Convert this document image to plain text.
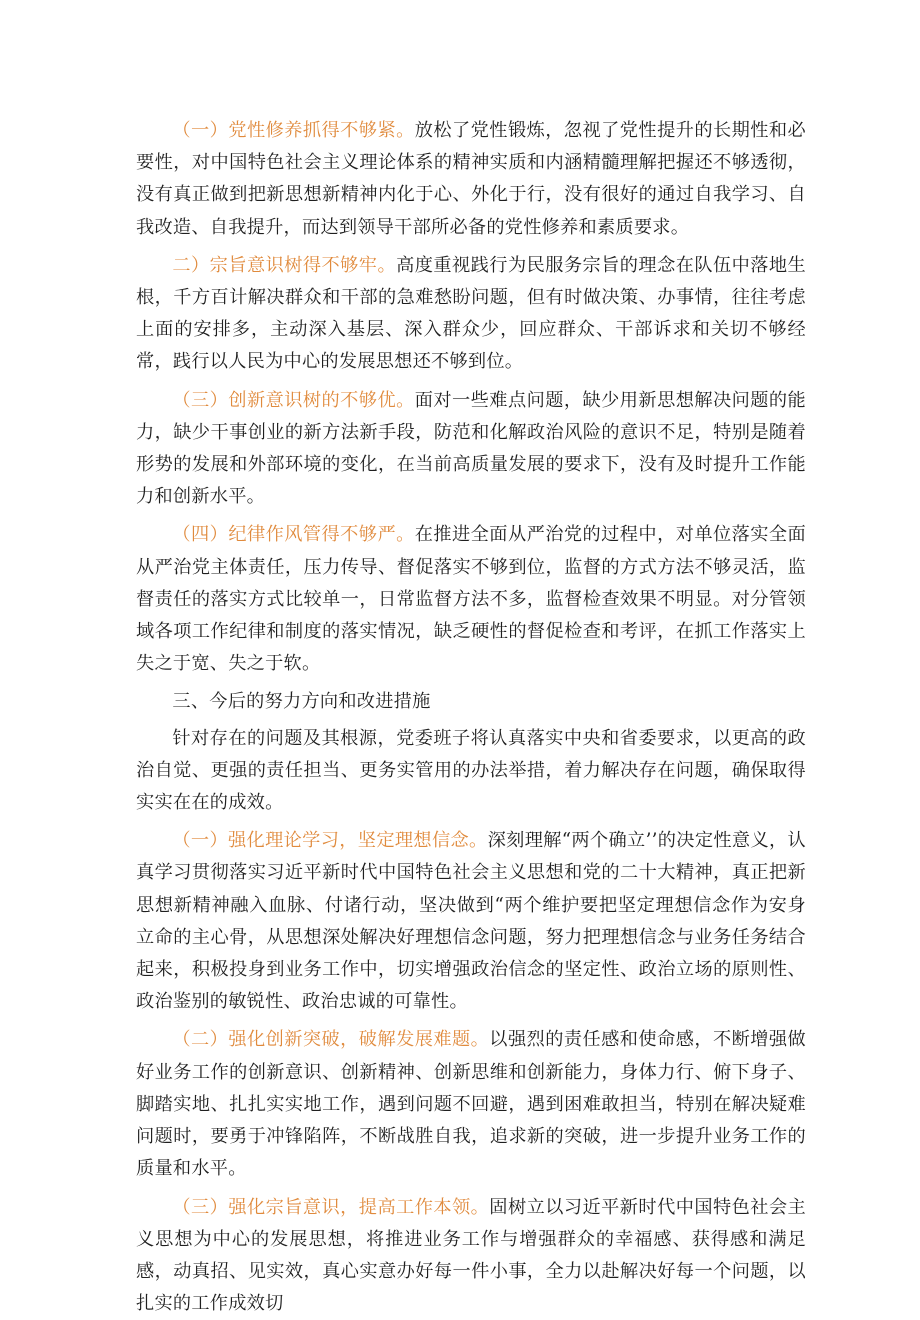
（一）党性修养抓得不够紧。放松了党性锻炼，忽视了党性提升的长期性和必要性，对中国特色社会主义理论体系的精神实质和内涵精髓理解把握还不够透彻，没有真正做到把新思想新精神内化于心、外化于行，没有很好的通过自我学习、自我改造、自我提升，而达到领导干部所必备的党性修养和素质要求。

二）宗旨意识树得不够牢。高度重视践行为民服务宗旨的理念在队伍中落地生根，千方百计解决群众和干部的急难愁盼问题，但有时做决策、办事情，往往考虑上面的安排多，主动深入基层、深入群众少，回应群众、干部诉求和关切不够经常，践行以人民为中心的发展思想还不够到位。

（三）创新意识树的不够优。面对一些难点问题，缺少用新思想解决问题的能力，缺少干事创业的新方法新手段，防范和化解政治风险的意识不足，特别是随着形势的发展和外部环境的变化，在当前高质量发展的要求下，没有及时提升工作能力和创新水平。

（四）纪律作风管得不够严。在推进全面从严治党的过程中，对单位落实全面从严治党主体责任，压力传导、督促落实不够到位，监督的方式方法不够灵活，监督责任的落实方式比较单一，日常监督方法不多，监督检查效果不明显。对分管领域各项工作纪律和制度的落实情况，缺乏硬性的督促检查和考评，在抓工作落实上失之于宽、失之于软。

三、今后的努力方向和改进措施

针对存在的问题及其根源，党委班子将认真落实中央和省委要求，以更高的政治自觉、更强的责任担当、更务实管用的办法举措，着力解决存在问题，确保取得实实在在的成效。

（一）强化理论学习，坚定理想信念。深刻理解“两个确立’’的决定性意义，认真学习贯彻落实习近平新时代中国特色社会主义思想和党的二十大精神，真正把新思想新精神融入血脉、付诸行动，坚决做到“两个维护要把坚定理想信念作为安身立命的主心骨，从思想深处解决好理想信念问题，努力把理想信念与业务任务结合起来，积极投身到业务工作中，切实增强政治信念的坚定性、政治立场的原则性、政治鉴别的敏锐性、政治忠诚的可靠性。

（二）强化创新突破，破解发展难题。以强烈的责任感和使命感，不断增强做好业务工作的创新意识、创新精神、创新思维和创新能力，身体力行、俯下身子、脚踏实地、扎扎实实地工作，遇到问题不回避，遇到困难敢担当，特别在解决疑难问题时，要勇于冲锋陷阵，不断战胜自我，追求新的突破，进一步提升业务工作的质量和水平。

（三）强化宗旨意识，提高工作本领。固树立以习近平新时代中国特色社会主义思想为中心的发展思想，将推进业务工作与增强群众的幸福感、获得感和满足感，动真招、见实效，真心实意办好每一件小事，全力以赴解决好每一个问题，以扎实的工作成效切
